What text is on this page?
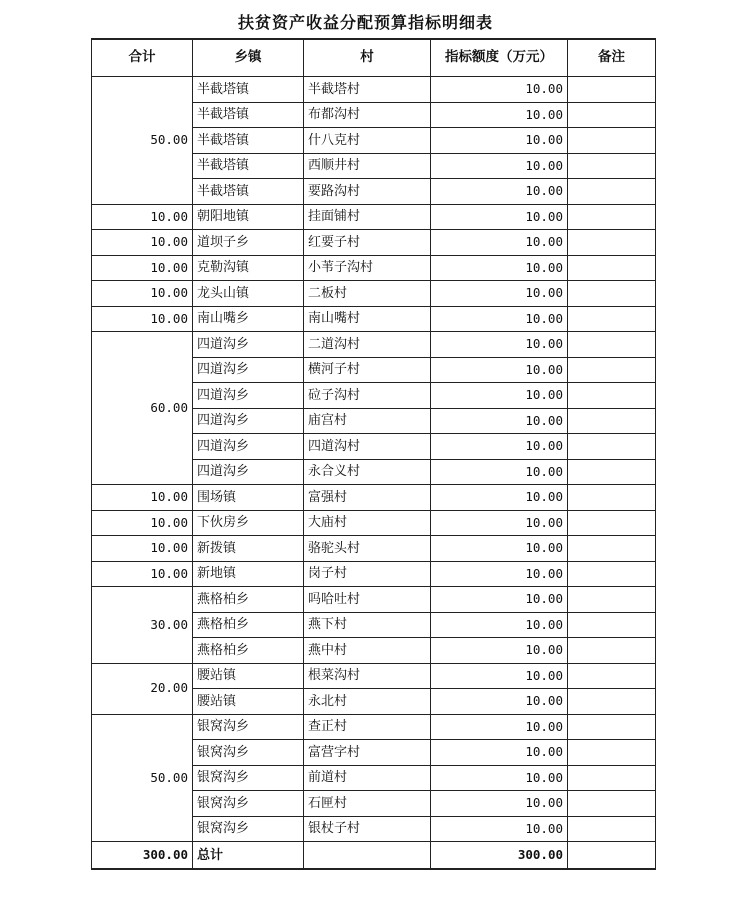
扶贫资产收益分配预算指标明细表
合计	乡镇	村	指标额度（万元）	备注
50.00	半截塔镇	半截塔村	10.00	
	半截塔镇	布都沟村	10.00	
	半截塔镇	什八克村	10.00	
	半截塔镇	西顺井村	10.00	
	半截塔镇	要路沟村	10.00	
10.00	朝阳地镇	挂面铺村	10.00	
10.00	道坝子乡	红要子村	10.00	
10.00	克勒沟镇	小苇子沟村	10.00	
10.00	龙头山镇	二板村	10.00	
10.00	南山嘴乡	南山嘴村	10.00	
60.00	四道沟乡	二道沟村	10.00	
	四道沟乡	横河子村	10.00	
	四道沟乡	砬子沟村	10.00	
	四道沟乡	庙宫村	10.00	
	四道沟乡	四道沟村	10.00	
	四道沟乡	永合义村	10.00	
10.00	围场镇	富强村	10.00	
10.00	下伙房乡	大庙村	10.00	
10.00	新拨镇	骆驼头村	10.00	
10.00	新地镇	岗子村	10.00	
30.00	燕格柏乡	吗哈吐村	10.00	
	燕格柏乡	燕下村	10.00	
	燕格柏乡	燕中村	10.00	
20.00	腰站镇	根菜沟村	10.00	
	腰站镇	永北村	10.00	
50.00	银窝沟乡	查正村	10.00	
	银窝沟乡	富营字村	10.00	
	银窝沟乡	前道村	10.00	
	银窝沟乡	石匣村	10.00	
	银窝沟乡	银杖子村	10.00	
300.00	总计		300.00	
